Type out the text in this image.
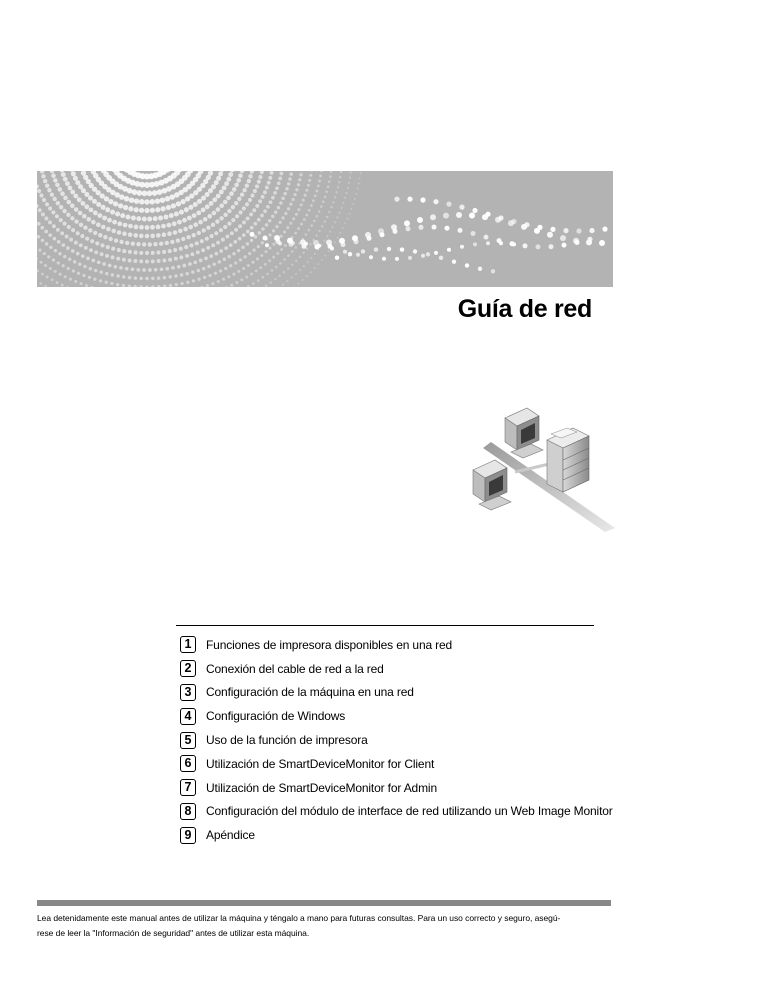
Guía de red
1	Funciones de impresora disponibles en una red
2	Conexión del cable de red a la red
3	Configuración de la máquina en una red
4	Configuración de Windows
5	Uso de la función de impresora
6	Utilización de SmartDeviceMonitor for Client
7	Utilización de SmartDeviceMonitor for Admin
8	Configuración del módulo de interface de red utilizando un Web Image Monitor
9	Apéndice
Lea detenidamente este manual antes de utilizar la máquina y téngalo a mano para futuras consultas. Para un uso correcto y seguro, asegú-
rese de leer la "Información de seguridad" antes de utilizar esta máquina.
